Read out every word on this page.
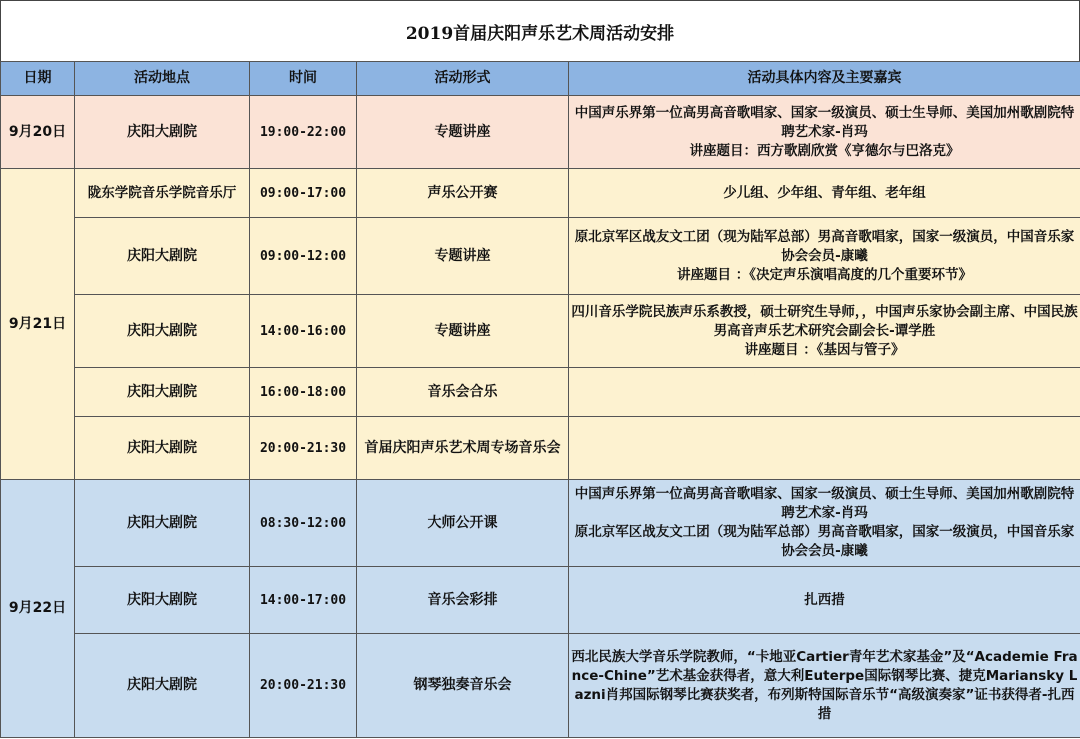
2019首届庆阳声乐艺术周活动安排
日期	活动地点	时间	活动形式	活动具体内容及主要嘉宾
9月20日	庆阳大剧院	19:00-22:00	专题讲座	中国声乐界第一位高男高音歌唱家、国家一级演员、硕士生导师、美国加州歌剧院特聘艺术家-肖玛
讲座题目：西方歌剧欣赏《亨德尔与巴洛克》

9月21日	陇东学院音乐学院音乐厅	09:00-17:00	声乐公开赛	少儿组、少年组、青年组、老年组

	庆阳大剧院	09:00-12:00	专题讲座	原北京军区战友文工团（现为陆军总部）男高音歌唱家，国家一级演员，中国音乐家协会会员-康曦
讲座题目 ：《决定声乐演唱高度的几个重要环节》

	庆阳大剧院	14:00-16:00	专题讲座	四川音乐学院民族声乐系教授，硕士研究生导师，，中国声乐家协会副主席、中国民族男高音声乐艺术研究会副会长-谭学胜
讲座题目 ：《基因与管子》

	庆阳大剧院	16:00-18:00	音乐会合乐	
	庆阳大剧院	20:00-21:30	首届庆阳声乐艺术周专场音乐会	
9月22日	庆阳大剧院	08:30-12:00	大师公开课	中国声乐界第一位高男高音歌唱家、国家一级演员、硕士生导师、美国加州歌剧院特聘艺术家-肖玛
原北京军区战友文工团（现为陆军总部）男高音歌唱家，国家一级演员，中国音乐家协会会员-康曦

	庆阳大剧院	14:00-17:00	音乐会彩排	扎西措

	庆阳大剧院	20:00-21:30	钢琴独奏音乐会	西北民族大学音乐学院教师，“卡地亚Cartier青年艺术家基金”及“Academie France-Chine”艺术基金获得者，意大利Euterpe国际钢琴比赛、捷克Mariansky Lazni肖邦国际钢琴比赛获奖者，布列斯特国际音乐节“高级演奏家”证书获得者-扎西措
